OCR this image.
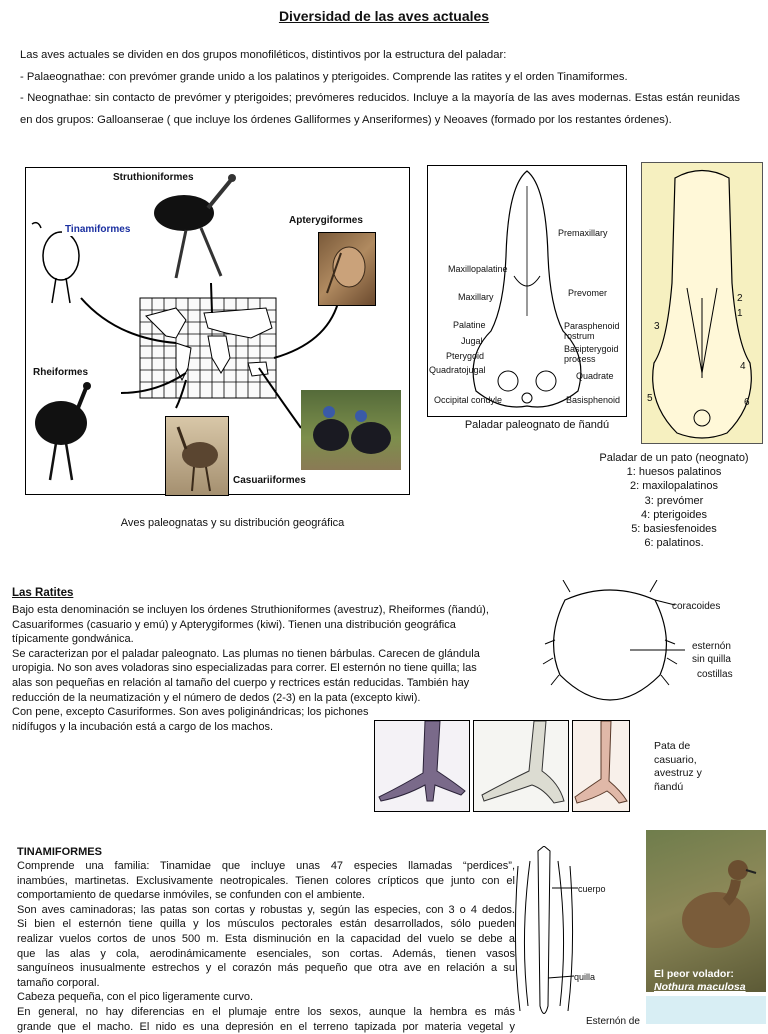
Diversidad de las aves actuales

Las aves actuales se dividen en dos grupos monofiléticos, distintivos por la estructura del paladar:

- Palaeognathae: con prevómer grande unido a los palatinos y pterigoides. Comprende las ratites y el orden Tinamiformes.

- Neognathae: sin contacto de prevómer y pterigoides; prevómeres reducidos. Incluye a la mayoría de las aves modernas. Estas están reunidas en dos grupos: Galloanserae ( que incluye los órdenes Galliformes y Anseriformes) y Neoaves (formado por los restantes órdenes).

Struthioniformes
Tinamiformes
Apterygiformes
Rheiformes
Casuariiformes
Aves paleognatas y su distribución geográfica
Premaxillary
Maxillopalatine
Maxillary	Prevomer
Palatine
Jugal
Pterygoid
Quadratojugal
Parasphenoid rostrum
Basipterygoid process
Quadrate
Occipital condyle	Basisphenoid
Paladar paleognato de ñandú
2
1
3
4
5	6
Paladar de un pato (neognato)
1: huesos palatinos
2: maxilopalatinos
3: prevómer
4: pterigoides
5: basiesfenoides
6: palatinos.
Las Ratites

Bajo esta denominación se incluyen los órdenes Struthioniformes (avestruz), Rheiformes (ñandú),

Casuariformes (casuario y emú) y Apterygiformes (kiwi). Tienen una distribución geográfica

típicamente gondwánica.

Se caracterizan por el paladar paleognato. Las plumas no tienen bárbulas. Carecen de glándula

uropigia. No son aves voladoras sino especializadas para correr. El esternón no tiene quilla; las

alas son pequeñas en relación al tamaño del cuerpo y rectrices están reducidas. También hay

reducción de la neumatización y el número de dedos (2-3) en la pata (excepto kiwi).

Con pene, excepto Casuriformes. Son aves poliginándricas; los pichones

nidífugos y la incubación está a cargo de los machos.

coracoides
esternón
sin quilla
costillas
Pata de
casuario,
avestruz y
ñandú
TINAMIFORMES

Comprende una familia: Tinamidae que incluye unas 47 especies llamadas “perdices”,

inambúes, martinetas. Exclusivamente neotropicales. Tienen colores crípticos que junto con el

comportamiento de quedarse inmóviles, se confunden con el ambiente.

Son aves caminadoras; las patas son cortas y robustas y, según las especies, con 3 o 4 dedos.

Si bien el esternón tiene quilla y los músculos pectorales están desarrollados, sólo pueden

realizar vuelos cortos de unos 500 m. Esta disminución en la capacidad del vuelo se debe a

que las alas y cola, aerodinámicamente esenciales, son cortas. Además, tienen vasos

sanguíneos inusualmente estrechos y el corazón más pequeño que otra ave en relación a su

tamaño corporal.

Cabeza pequeña, con el pico ligeramente curvo.

En general, no hay diferencias en el plumaje entre los sexos, aunque la hembra es más

grande que el macho. El nido es una depresión en el terreno tapizada por materia vegetal y

cuerpo
quilla
Esternón de
El peor volador:
Nothura maculosa
